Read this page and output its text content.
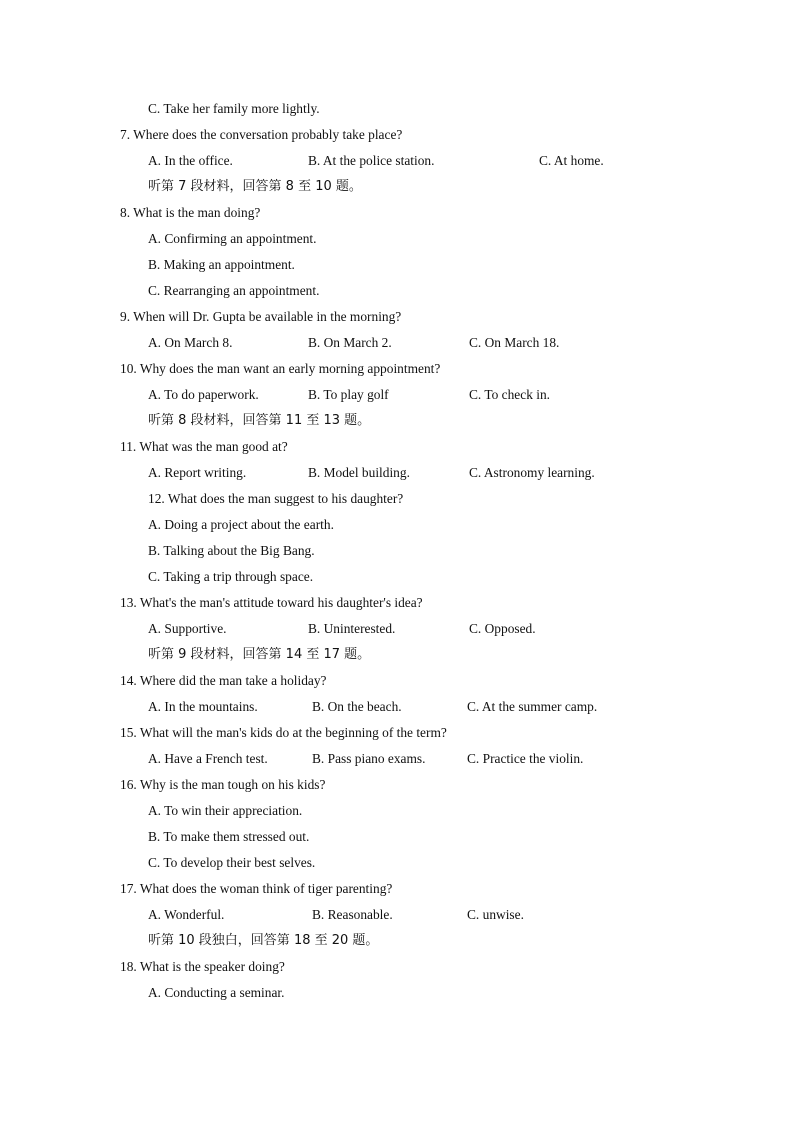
C. Take her family more lightly.
7. Where does the conversation probably take place?
A. In the office.	B. At the police station.	C. At home.
听第 7 段材料，回答第 8 至 10 题。
8. What is the man doing?
A. Confirming an appointment.
B. Making an appointment.
C. Rearranging an appointment.
9. When will Dr. Gupta be available in the morning?
A. On March 8.	B. On March 2.	C. On March 18.
10. Why does the man want an early morning appointment?
A. To do paperwork.	B. To play golf	C. To check in.
听第 8 段材料，回答第 11 至 13 题。
11. What was the man good at?
A. Report writing.	B. Model building.	C. Astronomy learning.
12. What does the man suggest to his daughter?
A. Doing a project about the earth.
B. Talking about the Big Bang.
C. Taking a trip through space.
13. What's the man's attitude toward his daughter's idea?
A. Supportive.	B. Uninterested.	C. Opposed.
听第 9 段材料，回答第 14 至 17 题。
14. Where did the man take a holiday?
A. In the mountains.	B. On the beach.	C. At the summer camp.
15. What will the man's kids do at the beginning of the term?
A. Have a French test.	B. Pass piano exams.	C. Practice the violin.
16. Why is the man tough on his kids?
A. To win their appreciation.
B. To make them stressed out.
C. To develop their best selves.
17. What does the woman think of tiger parenting?
A. Wonderful.	B. Reasonable.	C. unwise.
听第 10 段独白，回答第 18 至 20 题。
18. What is the speaker doing?
A. Conducting a seminar.
